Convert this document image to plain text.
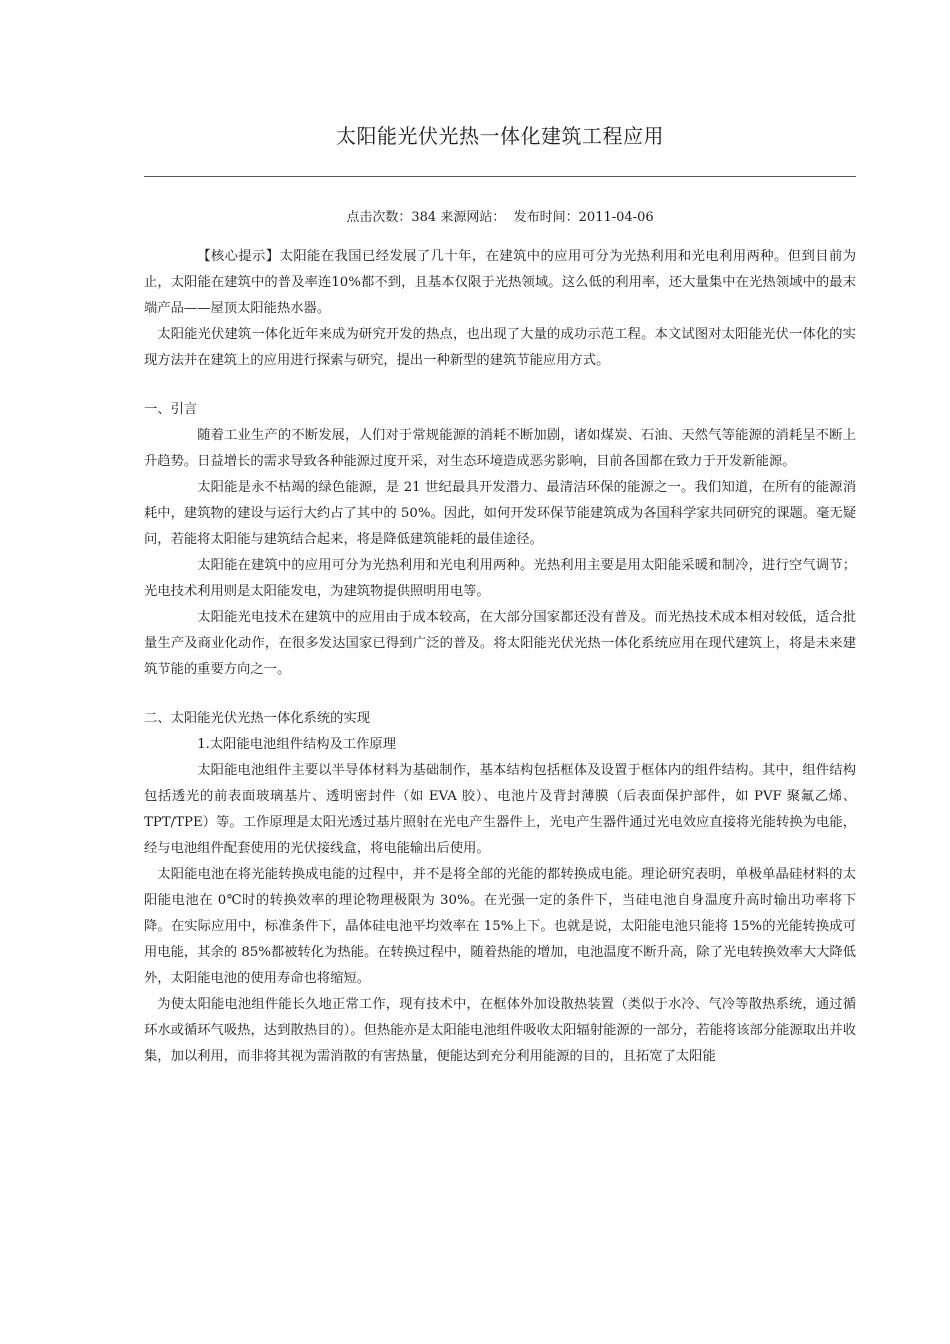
太阳能光伏光热一体化建筑工程应用
点击次数：384 来源网站： 发布时间：2011-04-06

【核心提示】太阳能在我国已经发展了几十年，在建筑中的应用可分为光热利用和光电利用两种。但到目前为止，太阳能在建筑中的普及率连10%都不到，且基本仅限于光热领域。这么低的利用率，还大量集中在光热领域中的最末端产品——屋顶太阳能热水器。

太阳能光伏建筑一体化近年来成为研究开发的热点，也出现了大量的成功示范工程。本文试图对太阳能光伏一体化的实现方法并在建筑上的应用进行探索与研究，提出一种新型的建筑节能应用方式。

一、引言

随着工业生产的不断发展，人们对于常规能源的消耗不断加剧，诸如煤炭、石油、天然气等能源的消耗呈不断上升趋势。日益增长的需求导致各种能源过度开采，对生态环境造成恶劣影响，目前各国都在致力于开发新能源。

太阳能是永不枯竭的绿色能源，是 21 世纪最具开发潜力、最清洁环保的能源之一。我们知道，在所有的能源消耗中，建筑物的建设与运行大约占了其中的 50%。因此，如何开发环保节能建筑成为各国科学家共同研究的课题。毫无疑问，若能将太阳能与建筑结合起来，将是降低建筑能耗的最佳途径。

太阳能在建筑中的应用可分为光热利用和光电利用两种。光热利用主要是用太阳能采暖和制冷，进行空气调节；光电技术利用则是太阳能发电，为建筑物提供照明用电等。

太阳能光电技术在建筑中的应用由于成本较高，在大部分国家都还没有普及。而光热技术成本相对较低，适合批量生产及商业化动作，在很多发达国家已得到广泛的普及。将太阳能光伏光热一体化系统应用在现代建筑上，将是未来建筑节能的重要方向之一。

二、太阳能光伏光热一体化系统的实现

1.太阳能电池组件结构及工作原理

太阳能电池组件主要以半导体材料为基础制作，基本结构包括框体及设置于框体内的组件结构。其中，组件结构包括透光的前表面玻璃基片、透明密封件（如 EVA 胶）、电池片及背封薄膜（后表面保护部件，如 PVF 聚氟乙烯、TPT/TPE）等。工作原理是太阳光透过基片照射在光电产生器件上，光电产生器件通过光电效应直接将光能转换为电能，经与电池组件配套使用的光伏接线盒，将电能输出后使用。

太阳能电池在将光能转换成电能的过程中，并不是将全部的光能的都转换成电能。理论研究表明，单极单晶硅材料的太阳能电池在 0℃时的转换效率的理论物理极限为 30%。在光强一定的条件下，当硅电池自身温度升高时输出功率将下降。在实际应用中，标准条件下，晶体硅电池平均效率在 15%上下。也就是说，太阳能电池只能将 15%的光能转换成可用电能，其余的 85%都被转化为热能。在转换过程中，随着热能的增加，电池温度不断升高，除了光电转换效率大大降低外，太阳能电池的使用寿命也将缩短。

为使太阳能电池组件能长久地正常工作，现有技术中，在框体外加设散热装置（类似于水冷、气冷等散热系统，通过循环水或循环气吸热，达到散热目的）。但热能亦是太阳能电池组件吸收太阳辐射能源的一部分，若能将该部分能源取出并收集，加以利用，而非将其视为需消散的有害热量，便能达到充分利用能源的目的，且拓宽了太阳能
